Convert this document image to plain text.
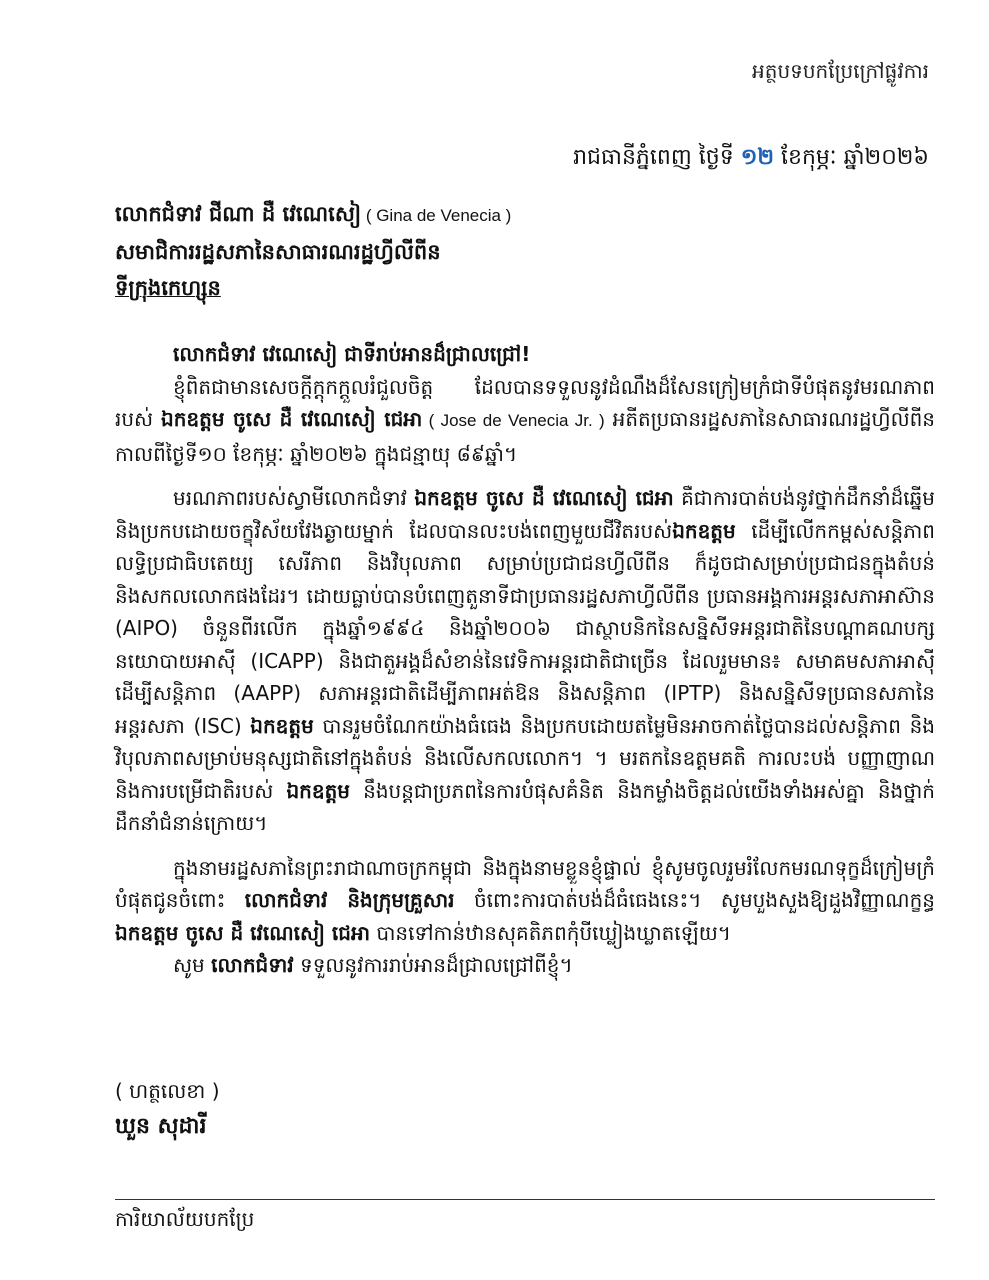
អត្ថបទបកប្រែក្រៅផ្លូវការ
រាជធានីភ្នំពេញ ថ្ងៃទី ១២ ខែកុម្ភៈ ឆ្នាំ២០២៦
លោកជំទាវ ជីណា ដឺ វេណេសៀ ( Gina de Venecia )
សមាជិការរដ្ឋសភានៃសាធារណរដ្ឋហ្វីលីពីន
ទីក្រុងកេហ្សុន

លោកជំទាវ វេណេសៀ ជាទីរាប់អានដ៏ជ្រាលជ្រៅ!

ខ្ញុំពិតជាមានសេចក្ដីក្ដុកក្ដួលរំជួលចិត្ត ដែលបានទទួលនូវដំណឹងដ៏សែនក្រៀមក្រំជាទីបំផុតនូវមរណភាព របស់ ឯកឧត្ដម ចូសេ ដឺ វេណេសៀ ជេអា ( Jose de Venecia Jr. ) អតីតប្រធានរដ្ឋសភានៃសាធារណរដ្ឋហ្វីលីពីន កាលពីថ្ងៃទី១០ ខែកុម្ភៈ ឆ្នាំ២០២៦ ក្នុងជន្មាយុ ៨៩ឆ្នាំ។

មរណភាពរបស់ស្វាមីលោកជំទាវ ឯកឧត្ដម ចូសេ ដឺ វេណេសៀ ជេអា គឺជាការបាត់បង់នូវថ្នាក់ដឹកនាំដ៏ឆ្នើម និងប្រកបដោយចក្ខុវិស័យវែងឆ្ងាយម្នាក់ ដែលបានលះបង់ពេញមួយជីវិតរបស់ឯកឧត្ដម ដើម្បីលើកកម្ពស់សន្តិភាព លទ្ធិប្រជាធិបតេយ្យ សេរីភាព និងវិបុលភាព សម្រាប់ប្រជាជនហ្វីលីពីន ក៏ដូចជាសម្រាប់ប្រជាជនក្នុងតំបន់ និងសកលលោកផងដែរ។ ដោយធ្លាប់បានបំពេញតួនាទីជាប្រធានរដ្ឋសភាហ្វីលីពីន ប្រធានអង្គការអន្តរសភាអាស៊ាន (AIPO) ចំនួនពីរលើក ក្នុងឆ្នាំ១៩៩៤ និងឆ្នាំ២០០៦ ជាស្ថាបនិកនៃសន្និសីទអន្តរជាតិនៃបណ្ដាគណបក្សនយោបាយអាស៊ី (ICAPP) និងជាតួអង្គដ៏សំខាន់នៃវេទិកាអន្តរជាតិជាច្រើន ដែលរួមមាន៖ សមាគមសភាអាស៊ីដើម្បីសន្តិភាព (AAPP) សភាអន្តរជាតិដើម្បីភាពអត់ឱន និងសន្តិភាព (IPTP) និងសន្និសីទប្រធានសភានៃអន្តរសភា (ISC) ឯកឧត្ដម បានរួមចំណែកយ៉ាងធំធេង និងប្រកបដោយតម្លៃមិនអាចកាត់ថ្លៃបានដល់សន្តិភាព និងវិបុលភាពសម្រាប់មនុស្សជាតិនៅក្នុងតំបន់ និងលើសកលលោក។ ។ មរតកនៃឧត្ដមគតិ ការលះបង់ បញ្ញាញាណ និងការបម្រើជាតិរបស់ ឯកឧត្ដម នឹងបន្តជាប្រភពនៃការបំផុសគំនិត និងកម្លាំងចិត្តដល់យើងទាំងអស់គ្នា និងថ្នាក់ដឹកនាំជំនាន់ក្រោយ។

ក្នុងនាមរដ្ឋសភានៃព្រះរាជាណាចក្រកម្ពុជា និងក្នុងនាមខ្លួនខ្ញុំផ្ទាល់ ខ្ញុំសូមចូលរួមរំលែកមរណទុក្ខដ៏ក្រៀមក្រំបំផុតជូនចំពោះ លោកជំទាវ និងក្រុមគ្រួសារ ចំពោះការបាត់បង់ដ៏ធំធេងនេះ។ សូមបួងសួងឱ្យដួងវិញ្ញាណក្ខន្ធ ឯកឧត្ដម ចូសេ ដឺ វេណេសៀ ជេអា បានទៅកាន់ឋានសុគតិភពកុំបីឃ្លៀងឃ្លាតឡើយ។

សូម លោកជំទាវ ទទួលនូវការរាប់អានដ៏ជ្រាលជ្រៅពីខ្ញុំ។

( ហត្ថលេខា )
ឃួន សុដារី
ការិយាល័យបកប្រែ
